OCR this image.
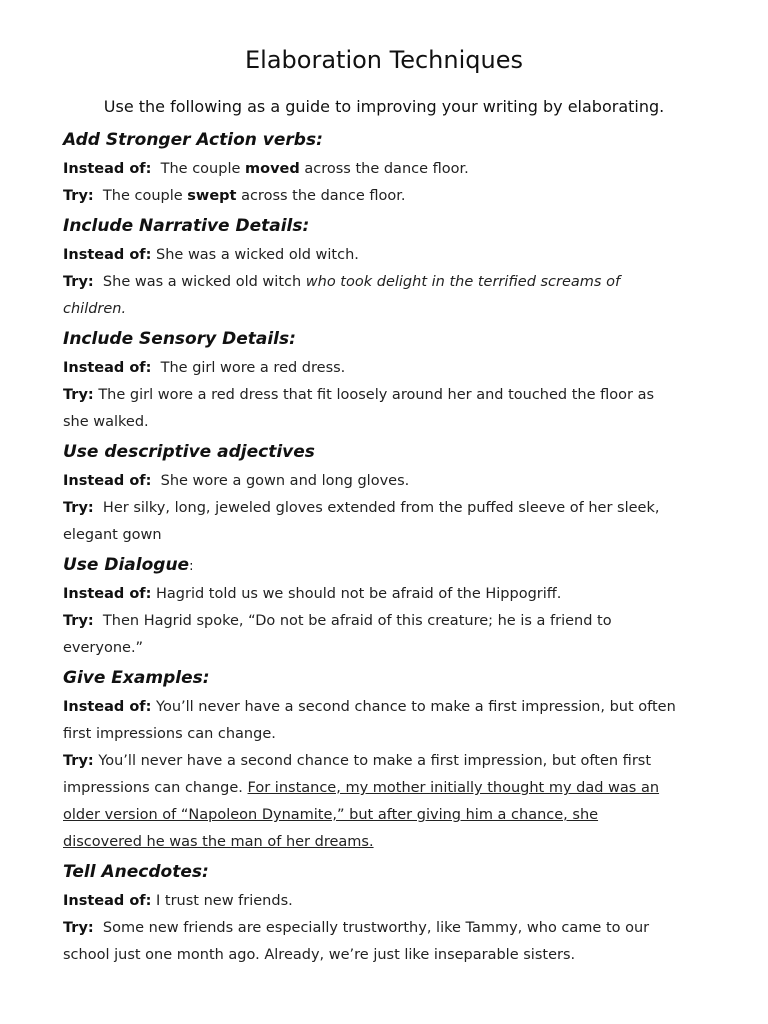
Elaboration Techniques
Use the following as a guide to improving your writing by elaborating.
Add Stronger Action verbs:
Instead of: The couple moved across the dance floor.
Try: The couple swept across the dance floor.
Include Narrative Details:
Instead of: She was a wicked old witch.
Try: She was a wicked old witch who took delight in the terrified screams of
children.
Include Sensory Details:
Instead of: The girl wore a red dress.
Try: The girl wore a red dress that fit loosely around her and touched the floor as
she walked.
Use descriptive adjectives
Instead of: She wore a gown and long gloves.
Try: Her silky, long, jeweled gloves extended from the puffed sleeve of her sleek,
elegant gown
Use Dialogue:
Instead of: Hagrid told us we should not be afraid of the Hippogriff.
Try: Then Hagrid spoke, “Do not be afraid of this creature; he is a friend to
everyone.”
Give Examples:
Instead of: You’ll never have a second chance to make a first impression, but often
first impressions can change.
Try: You’ll never have a second chance to make a first impression, but often first
impressions can change. For instance, my mother initially thought my dad was an
older version of “Napoleon Dynamite,” but after giving him a chance, she
discovered he was the man of her dreams.
Tell Anecdotes:
Instead of: I trust new friends.
Try: Some new friends are especially trustworthy, like Tammy, who came to our
school just one month ago. Already, we’re just like inseparable sisters.
